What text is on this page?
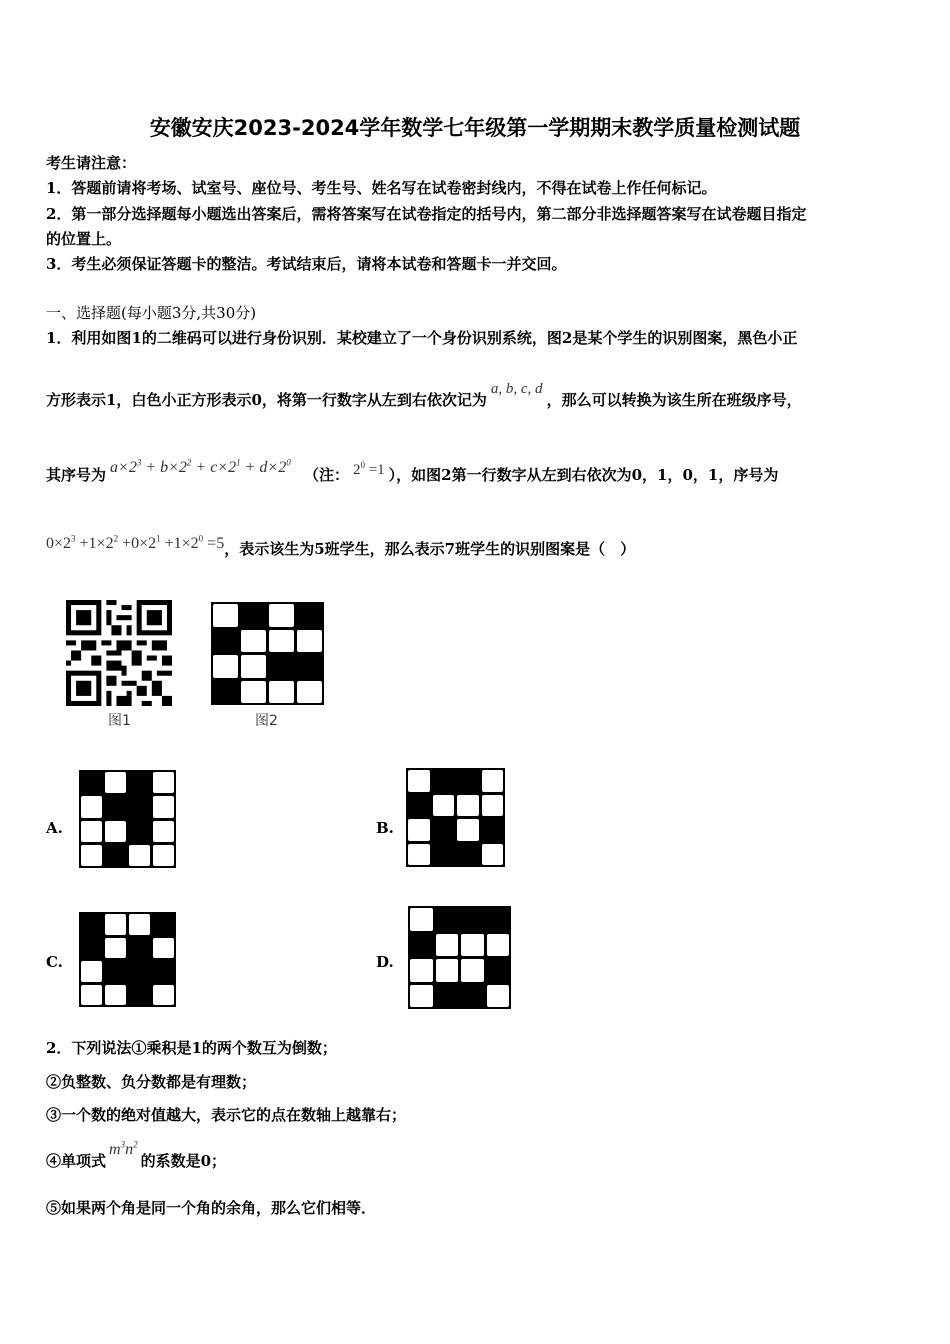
安徽安庆2023-2024学年数学七年级第一学期期末教学质量检测试题
考生请注意：
1．答题前请将考场、试室号、座位号、考生号、姓名写在试卷密封线内，不得在试卷上作任何标记。
2．第一部分选择题每小题选出答案后，需将答案写在试卷指定的括号内，第二部分非选择题答案写在试卷题目指定
的位置上。
3．考生必须保证答题卡的整洁。考试结束后，请将本试卷和答题卡一并交回。
一、选择题(每小题3分,共30分)
1．利用如图1的二维码可以进行身份识别．某校建立了一个身份识别系统，图2是某个学生的识别图案，黑色小正
方形表示1，白色小正方形表示0，将第一行数字从左到右依次记为a, b, c, d，那么可以转换为该生所在班级序号，
其序号为 $a\times 2^3 + b\times 2^2 + c\times 2^1 + d\times 2^0$ （注： $2^0 =1$ ），如图2第一行数字从左到右依次为0，1，0，1，序号为
$0\times 2^3 +1\times 2^2 +0\times 2^1 +1\times 2^0 =5$，表示该生为5班学生，那么表示7班学生的识别图案是（　）
图1	图2
A.	B.
C.	D.
2．下列说法①乘积是1的两个数互为倒数；
②负整数、负分数都是有理数；
③一个数的绝对值越大，表示它的点在数轴上越靠右；
④单项式$m^3n^2$的系数是0；
⑤如果两个角是同一个角的余角，那么它们相等．
